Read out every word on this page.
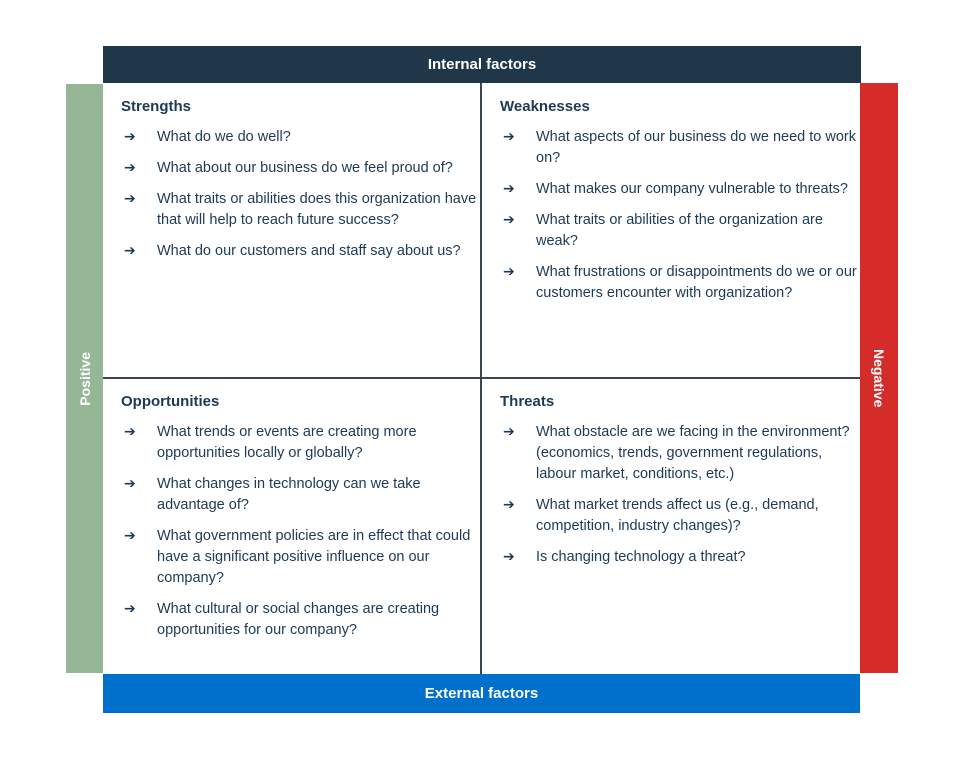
Internal factors
Positive	Negative
External factors
Strengths
➔	What do we do well?
➔	What about our business do we feel proud of?
➔	What traits or abilities does this organization have that will help to reach future success?
➔	What do our customers and staff say about us?
Weaknesses
➔	What aspects of our business do we need to work on?
➔	What makes our company vulnerable to threats?
➔	What traits or abilities of the organization are weak?
➔	What frustrations or disappointments do we or our customers encounter with organization?
Opportunities
➔	What trends or events are creating more opportunities locally or globally?
➔	What changes in technology can we take advantage of?
➔	What government policies are in effect that could have a significant positive influence on our company?
➔	What cultural or social changes are creating opportunities for our company?
Threats
➔	What obstacle are we facing in the environment? (economics, trends, government regulations, labour market, conditions, etc.)
➔	What market trends affect us (e.g., demand, competition, industry changes)?
➔	Is changing technology a threat?
